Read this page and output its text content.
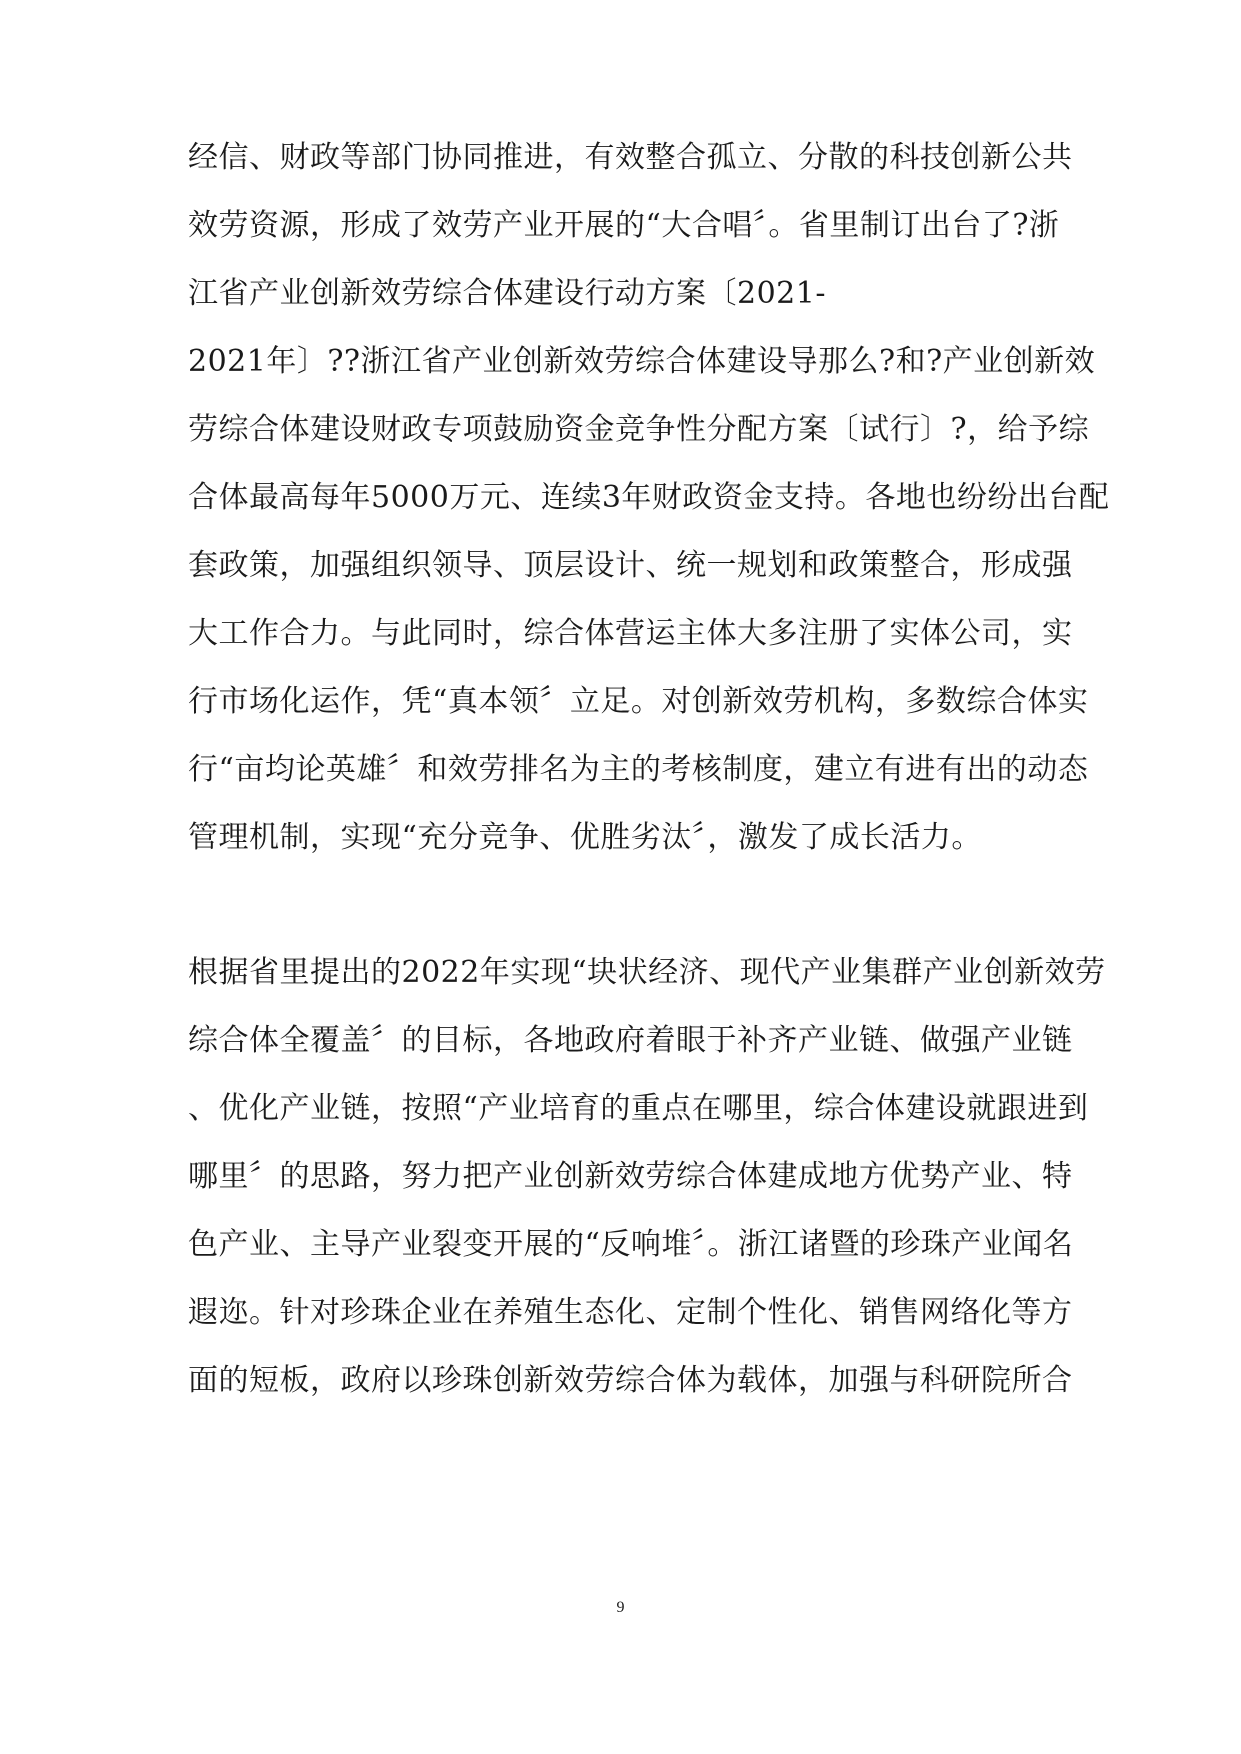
经信、财政等部门协同推进，有效整合孤立、分散的科技创新公共
效劳资源，形成了效劳产业开展的“大合唱〞。省里制订出台了?浙
江省产业创新效劳综合体建设行动方案〔2021-
2021年〕??浙江省产业创新效劳综合体建设导那么?和?产业创新效
劳综合体建设财政专项鼓励资金竞争性分配方案〔试行〕?，给予综
合体最高每年5000万元、连续3年财政资金支持。各地也纷纷出台配
套政策，加强组织领导、顶层设计、统一规划和政策整合，形成强
大工作合力。与此同时，综合体营运主体大多注册了实体公司，实
行市场化运作，凭“真本领〞立足。对创新效劳机构，多数综合体实
行“亩均论英雄〞和效劳排名为主的考核制度，建立有进有出的动态
管理机制，实现“充分竞争、优胜劣汰〞，激发了成长活力。
根据省里提出的2022年实现“块状经济、现代产业集群产业创新效劳
综合体全覆盖〞的目标，各地政府着眼于补齐产业链、做强产业链
、优化产业链，按照“产业培育的重点在哪里，综合体建设就跟进到
哪里〞的思路，努力把产业创新效劳综合体建成地方优势产业、特
色产业、主导产业裂变开展的“反响堆〞。浙江诸暨的珍珠产业闻名
遐迩。针对珍珠企业在养殖生态化、定制个性化、销售网络化等方
面的短板，政府以珍珠创新效劳综合体为载体，加强与科研院所合
9
